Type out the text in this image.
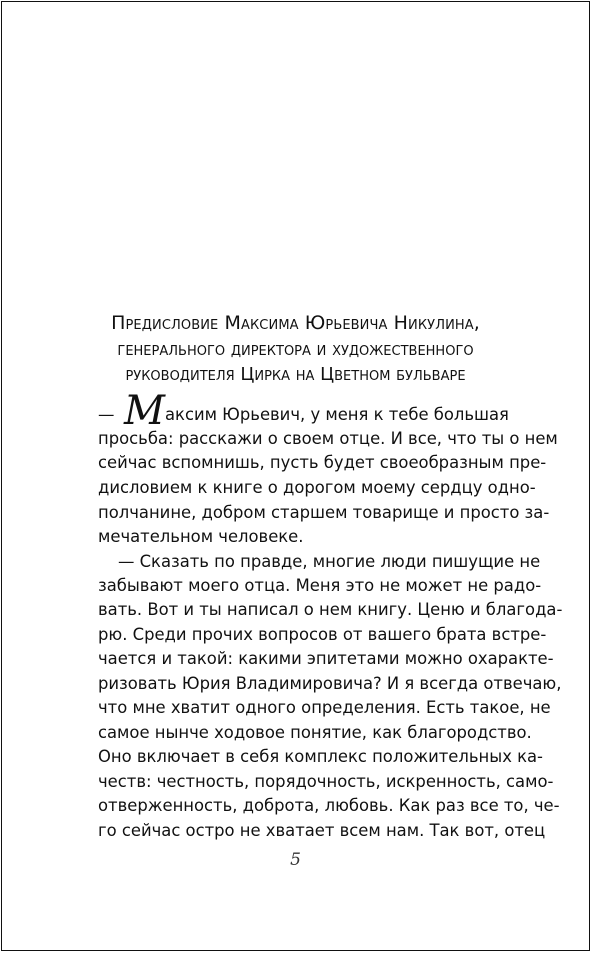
Предисловие Максима Юрьевича Никулина,
генерального директора и художественного
руководителя Цирка на Цветном бульваре
— М аксим Юрьевич, у меня к тебе большая
просьба: расскажи о своем отце. И все, что ты о нем
сейчас вспомнишь, пусть будет своеобразным пре-
дисловием к книге о дорогом моему сердцу одно-
полчанине, добром старшем товарище и просто за-
мечательном человеке.
— Сказать по правде, многие люди пишущие не
забывают моего отца. Меня это не может не радо-
вать. Вот и ты написал о нем книгу. Ценю и благода-
рю. Среди прочих вопросов от вашего брата встре-
чается и такой: какими эпитетами можно охаракте-
ризовать Юрия Владимировича? И я всегда отвечаю,
что мне хватит одного определения. Есть такое, не
самое нынче ходовое понятие, как благородство.
Оно включает в себя комплекс положительных ка-
честв: честность, порядочность, искренность, само-
отверженность, доброта, любовь. Как раз все то, че-
го сейчас остро не хватает всем нам. Так вот, отец
5
